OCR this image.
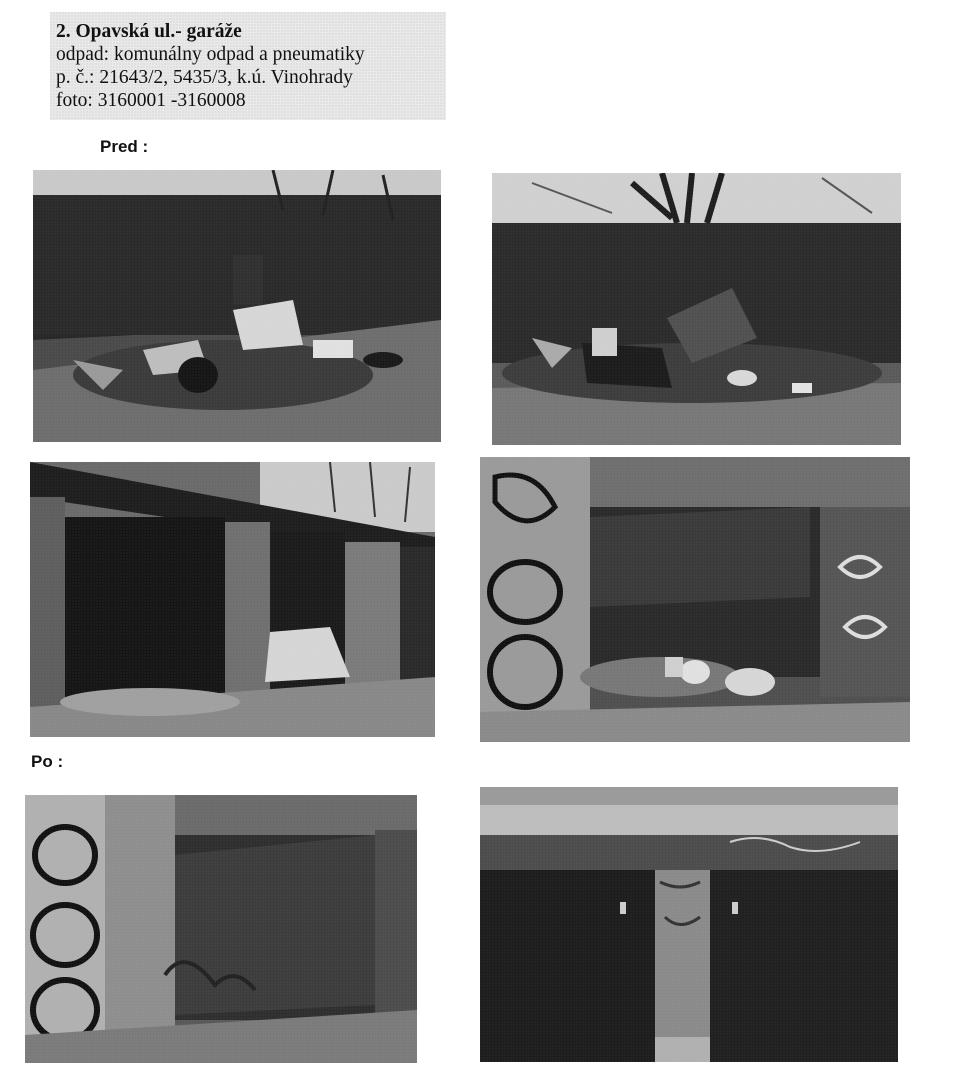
2. Opavská ul.- garáže
odpad: komunálny odpad a pneumatiky
p. č.: 21643/2, 5435/3, k.ú. Vinohrady
foto: 3160001 -3160008
Pred :
Po :
